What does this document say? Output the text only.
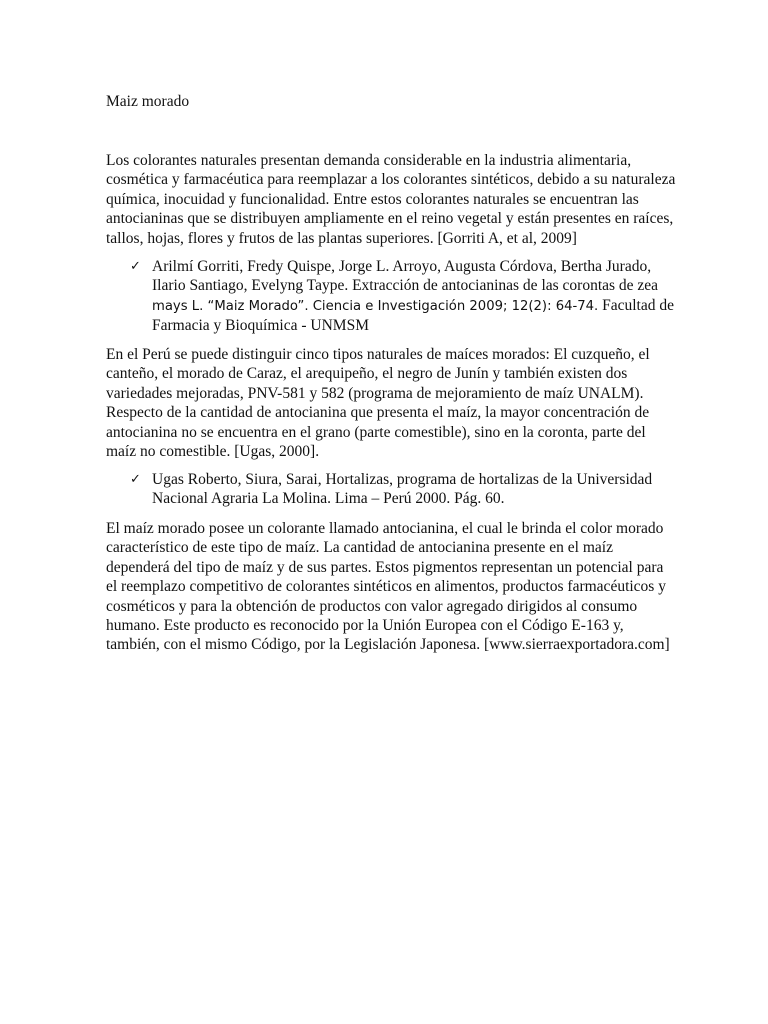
Maiz morado

Los colorantes naturales presentan demanda considerable en la industria alimentaria,
cosmética y farmacéutica para reemplazar a los colorantes sintéticos, debido a su naturaleza
química, inocuidad y funcionalidad. Entre estos colorantes naturales se encuentran las
antocianinas que se distribuyen ampliamente en el reino vegetal y están presentes en raíces,
tallos, hojas, flores y frutos de las plantas superiores. [Gorriti A, et al, 2009]

✓ Arilmí Gorriti, Fredy Quispe, Jorge L. Arroyo, Augusta Córdova, Bertha Jurado,
Ilario Santiago, Evelyng Taype. Extracción de antocianinas de las corontas de zea
mays L. “Maiz Morado”. Ciencia e Investigación 2009; 12(2): 64-74. Facultad de
Farmacia y Bioquímica - UNMSM

En el Perú se puede distinguir cinco tipos naturales de maíces morados: El cuzqueño, el
canteño, el morado de Caraz, el arequipeño, el negro de Junín y también existen dos
variedades mejoradas, PNV-581 y 582 (programa de mejoramiento de maíz UNALM).
Respecto de la cantidad de antocianina que presenta el maíz, la mayor concentración de
antocianina no se encuentra en el grano (parte comestible), sino en la coronta, parte del
maíz no comestible. [Ugas, 2000].

✓ Ugas Roberto, Siura, Sarai, Hortalizas, programa de hortalizas de la Universidad
Nacional Agraria La Molina. Lima – Perú 2000. Pág. 60.

El maíz morado posee un colorante llamado antocianina, el cual le brinda el color morado
característico de este tipo de maíz. La cantidad de antocianina presente en el maíz
dependerá del tipo de maíz y de sus partes. Estos pigmentos representan un potencial para
el reemplazo competitivo de colorantes sintéticos en alimentos, productos farmacéuticos y
cosméticos y para la obtención de productos con valor agregado dirigidos al consumo
humano. Este producto es reconocido por la Unión Europea con el Código E-163 y,
también, con el mismo Código, por la Legislación Japonesa. [www.sierraexportadora.com]
